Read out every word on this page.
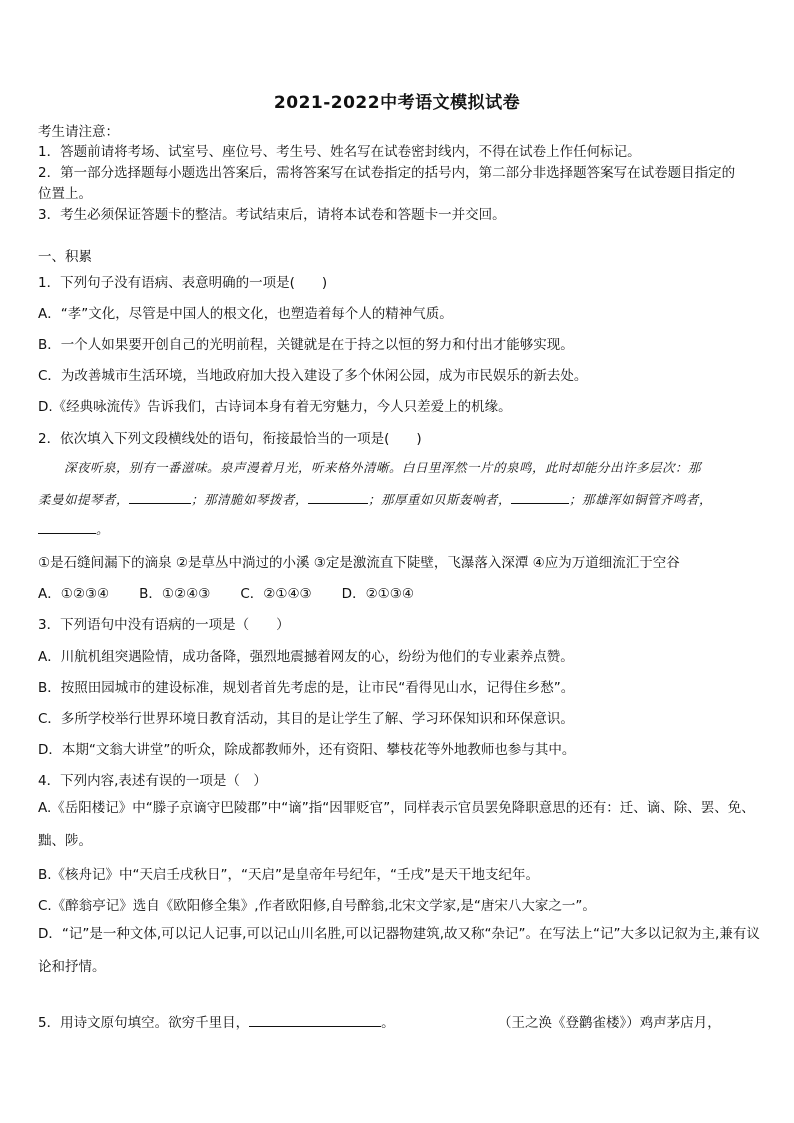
2021-2022中考语文模拟试卷
考生请注意：
1．答题前请将考场、试室号、座位号、考生号、姓名写在试卷密封线内，不得在试卷上作任何标记。
2．第一部分选择题每小题选出答案后，需将答案写在试卷指定的括号内，第二部分非选择题答案写在试卷题目指定的
位置上。
3．考生必须保证答题卡的整洁。考试结束后，请将本试卷和答题卡一并交回。
一、积累
1．下列句子没有语病、表意明确的一项是(　　)
A．“孝”文化，尽管是中国人的根文化，也塑造着每个人的精神气质。
B．一个人如果要开创自己的光明前程，关键就是在于持之以恒的努力和付出才能够实现。
C．为改善城市生活环境，当地政府加大投入建设了多个休闲公园，成为市民娱乐的新去处。
D.《经典咏流传》告诉我们，古诗词本身有着无穷魅力，今人只差爱上的机缘。
2．依次填入下列文段横线处的语句，衔接最恰当的一项是(　　)
深夜听泉，别有一番滋味。泉声漫着月光，听来格外清晰。白日里浑然一片的泉鸣，此时却能分出许多层次：那
柔曼如提琴者，	；那清脆如琴拨者，	；那厚重如贝斯轰响者，	；那雄浑如铜管齐鸣者，
。
①是石缝间漏下的滴泉 ②是草丛中淌过的小溪 ③定是激流直下陡壁，飞瀑落入深潭 ④应为万道细流汇于空谷
A．①②③④ B．①②④③ C．②①④③ D．②①③④
3．下列语句中没有语病的一项是（　　）
A．川航机组突遇险情，成功备降，强烈地震撼着网友的心，纷纷为他们的专业素养点赞。
B．按照田园城市的建设标准，规划者首先考虑的是，让市民“看得见山水，记得住乡愁”。
C．多所学校举行世界环境日教育活动，其目的是让学生了解、学习环保知识和环保意识。
D．本期“文翁大讲堂”的听众，除成都教师外，还有资阳、攀枝花等外地教师也参与其中。
4．下列内容,表述有误的一项是（　）
A.《岳阳楼记》中“滕子京谪守巴陵郡”中“谪”指“因罪贬官”，同样表示官员罢免降职意思的还有：迁、谪、除、罢、免、黜、陟。
B.《核舟记》中“天启壬戌秋日”，“天启”是皇帝年号纪年，“壬戌”是天干地支纪年。
C.《醉翁亭记》选自《欧阳修全集》,作者欧阳修,自号醉翁,北宋文学家,是“唐宋八大家之一”。
D．“记”是一种文体,可以记人记事,可以记山川名胜,可以记器物建筑,故又称“杂记”。在写法上“记”大多以记叙为主,兼有议论和抒情。
5．用诗文原句填空。欲穷千里目，	。	（王之涣《登鹳雀楼》）鸡声茅店月，
